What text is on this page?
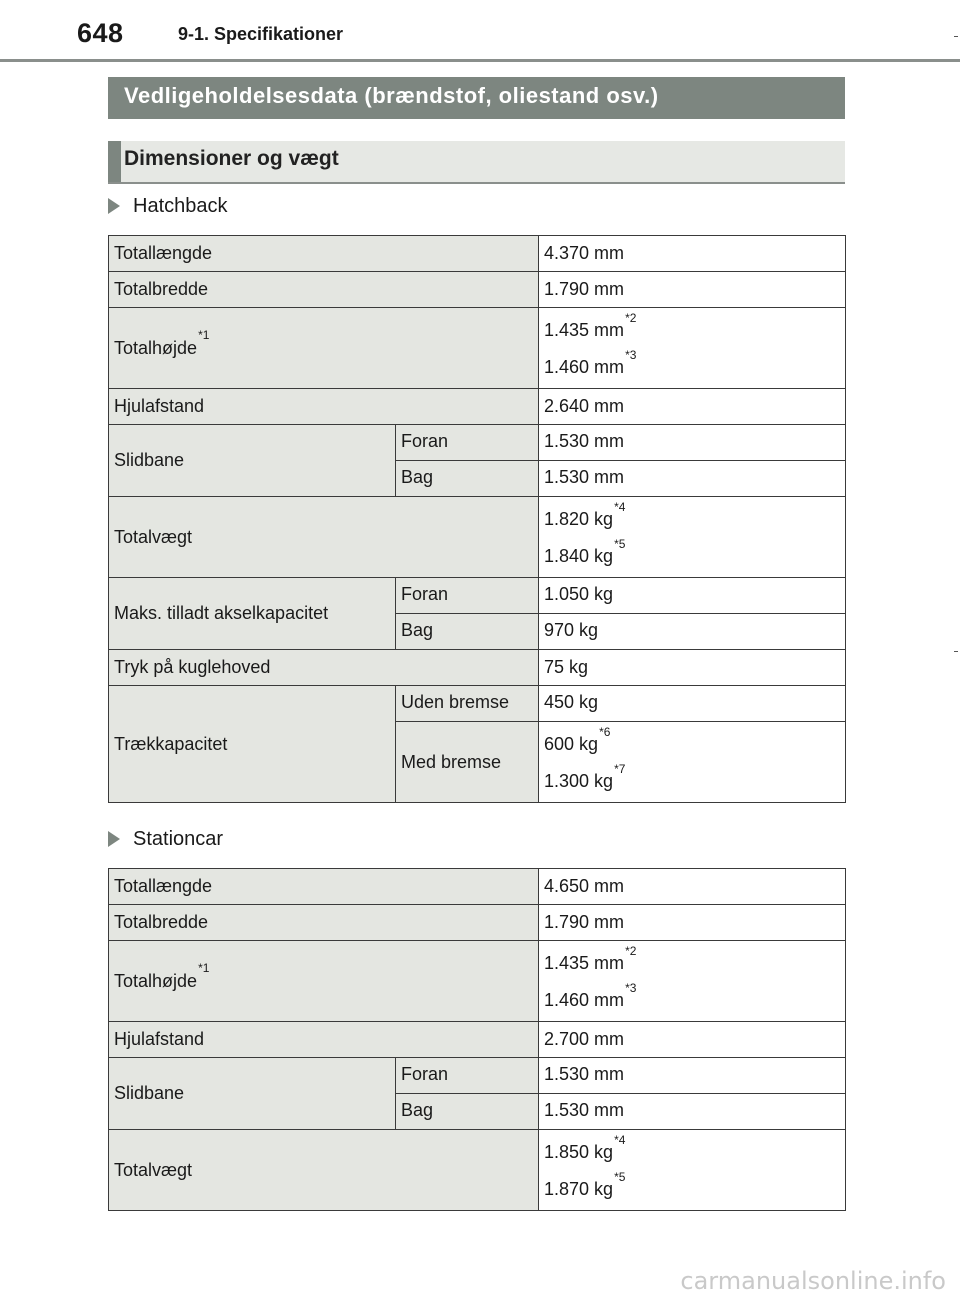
648	9-1. Specifikationer
Vedligeholdelsesdata (brændstof, oliestand osv.)
Dimensioner og vægt
Hatchback
Totallængde		4.370 mm
Totalbredde		1.790 mm
Totalhøjde$^{*1}$		1.435 $mm^{*2}$
1.460 $mm^{*3}$

Hjulafstand		2.640 mm
Slidbane	Foran	1.530 mm
	Bag	1.530 mm
Totalvægt		1.820 $kg^{*4}$
1.840 $kg^{*5}$

Maks. tilladt akselkapacitet	Foran	1.050 kg
	Bag	970 kg
Tryk på kuglehoved		75 kg
Trækkapacitet	Uden bremse	450 kg
	Med bremse	600 $kg^{*6}$
1.300 $kg^{*7}$
Stationcar
Totallængde		4.650 mm
Totalbredde		1.790 mm
Totalhøjde$^{*1}$		1.435 $mm^{*2}$
1.460 $mm^{*3}$

Hjulafstand		2.700 mm
Slidbane	Foran	1.530 mm
	Bag	1.530 mm
Totalvægt		1.850 $kg^{*4}$
1.870 $kg^{*5}$
carmanualsonline.info
